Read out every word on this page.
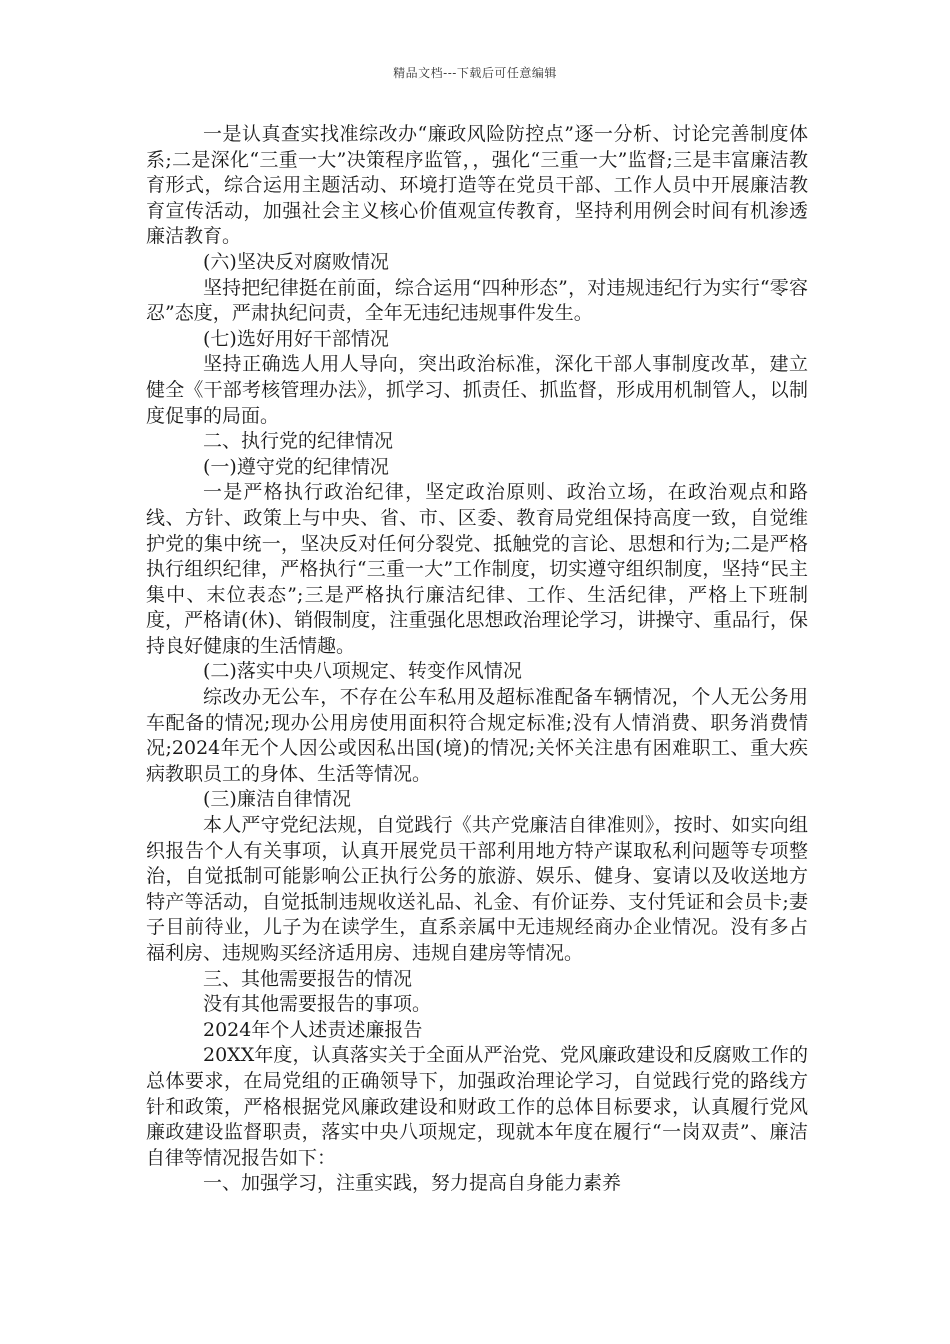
精品文档---下载后可任意编辑

一是认真查实找准综改办“廉政风险防控点”逐一分析、讨论完善制度体系;二是深化“三重一大”决策程序监管，，强化“三重一大”监督;三是丰富廉洁教育形式，综合运用主题活动、环境打造等在党员干部、工作人员中开展廉洁教育宣传活动，加强社会主义核心价值观宣传教育，坚持利用例会时间有机渗透廉洁教育。

(六)坚决反对腐败情况

坚持把纪律挺在前面，综合运用“四种形态”，对违规违纪行为实行“零容忍”态度，严肃执纪问责，全年无违纪违规事件发生。

(七)选好用好干部情况

坚持正确选人用人导向，突出政治标准，深化干部人事制度改革，建立健全《干部考核管理办法》，抓学习、抓责任、抓监督，形成用机制管人，以制度促事的局面。

二、执行党的纪律情况

(一)遵守党的纪律情况

一是严格执行政治纪律，坚定政治原则、政治立场，在政治观点和路线、方针、政策上与中央、省、市、区委、教育局党组保持高度一致，自觉维护党的集中统一，坚决反对任何分裂党、抵触党的言论、思想和行为;二是严格执行组织纪律，严格执行“三重一大”工作制度，切实遵守组织制度，坚持“民主集中、末位表态”;三是严格执行廉洁纪律、工作、生活纪律，严格上下班制度，严格请(休)、销假制度，注重强化思想政治理论学习，讲操守、重品行，保持良好健康的生活情趣。

(二)落实中央八项规定、转变作风情况

综改办无公车，不存在公车私用及超标准配备车辆情况，个人无公务用车配备的情况;现办公用房使用面积符合规定标准;没有人情消费、职务消费情况;2024年无个人因公或因私出国(境)的情况;关怀关注患有困难职工、重大疾病教职员工的身体、生活等情况。

(三)廉洁自律情况

本人严守党纪法规，自觉践行《共产党廉洁自律准则》，按时、如实向组织报告个人有关事项，认真开展党员干部利用地方特产谋取私利问题等专项整治，自觉抵制可能影响公正执行公务的旅游、娱乐、健身、宴请以及收送地方特产等活动，自觉抵制违规收送礼品、礼金、有价证券、支付凭证和会员卡;妻子目前待业，儿子为在读学生，直系亲属中无违规经商办企业情况。没有多占福利房、违规购买经济适用房、违规自建房等情况。

三、其他需要报告的情况

没有其他需要报告的事项。

2024年个人述责述廉报告

20XX年度，认真落实关于全面从严治党、党风廉政建设和反腐败工作的总体要求，在局党组的正确领导下，加强政治理论学习，自觉践行党的路线方针和政策，严格根据党风廉政建设和财政工作的总体目标要求，认真履行党风廉政建设监督职责，落实中央八项规定，现就本年度在履行“一岗双责”、廉洁自律等情况报告如下：

一、加强学习，注重实践，努力提高自身能力素养
